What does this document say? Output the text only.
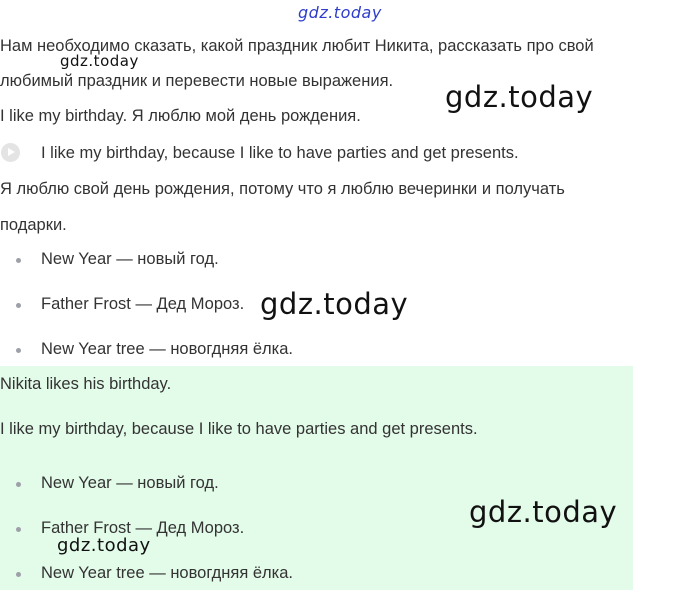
Нам необходимо сказать, какой праздник любит Никита, рассказать про свой
любимый праздник и перевести новые выражения.
I like my birthday. Я люблю мой день рождения.
I like my birthday, because I like to have parties and get presents.
Я люблю свой день рождения, потому что я люблю вечеринки и получать
подарки.
New Year — новый год.
Father Frost — Дед Мороз.
New Year tree — новогдняя ёлка.
Nikita likes his birthday.
I like my birthday, because I like to have parties and get presents.
New Year — новый год.
Father Frost — Дед Мороз.
New Year tree — новогдняя ёлка.
gdz.today
gdz.today
gdz.today
gdz.today
gdz.today
gdz.today
